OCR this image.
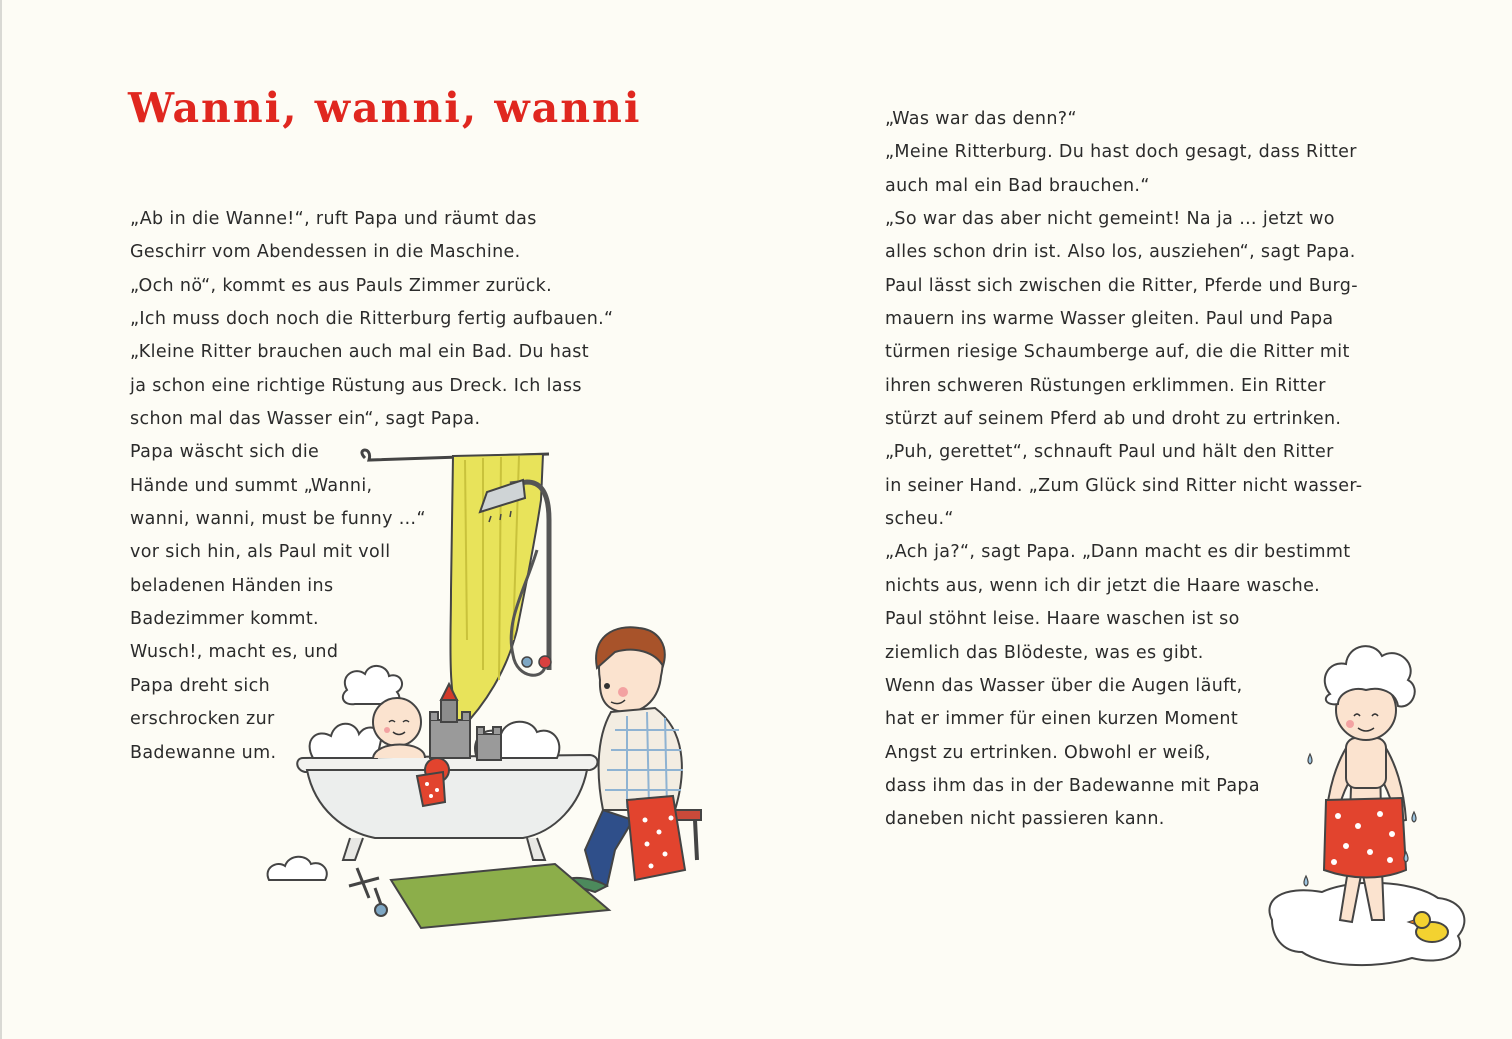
Wanni, wanni, wanni
„Ab in die Wanne!“, ruft Papa und räumt das
Geschirr vom Abendessen in die Maschine.
„Och nö“, kommt es aus Pauls Zimmer zurück.
„Ich muss doch noch die Ritterburg fertig aufbauen.“
„Kleine Ritter brauchen auch mal ein Bad. Du hast
ja schon eine richtige Rüstung aus Dreck. Ich lass
schon mal das Wasser ein“, sagt Papa.
Papa wäscht sich die
Hände und summt „Wanni,
wanni, wanni, must be funny …“
vor sich hin, als Paul mit voll
beladenen Händen ins
Badezimmer kommt.
Wusch!, macht es, und
Papa dreht sich
erschrocken zur
Badewanne um.
„Was war das denn?“
„Meine Ritterburg. Du hast doch gesagt, dass Ritter
auch mal ein Bad brauchen.“
„So war das aber nicht gemeint! Na ja … jetzt wo
alles schon drin ist. Also los, ausziehen“, sagt Papa.
Paul lässt sich zwischen die Ritter, Pferde und Burg-
mauern ins warme Wasser gleiten. Paul und Papa
türmen riesige Schaumberge auf, die die Ritter mit
ihren schweren Rüstungen erklimmen. Ein Ritter
stürzt auf seinem Pferd ab und droht zu ertrinken.
„Puh, gerettet“, schnauft Paul und hält den Ritter
in seiner Hand. „Zum Glück sind Ritter nicht wasser-
scheu.“
„Ach ja?“, sagt Papa. „Dann macht es dir bestimmt
nichts aus, wenn ich dir jetzt die Haare wasche.
Paul stöhnt leise. Haare waschen ist so
ziemlich das Blödeste, was es gibt.
Wenn das Wasser über die Augen läuft,
hat er immer für einen kurzen Moment
Angst zu ertrinken. Obwohl er weiß,
dass ihm das in der Badewanne mit Papa
daneben nicht passieren kann.
